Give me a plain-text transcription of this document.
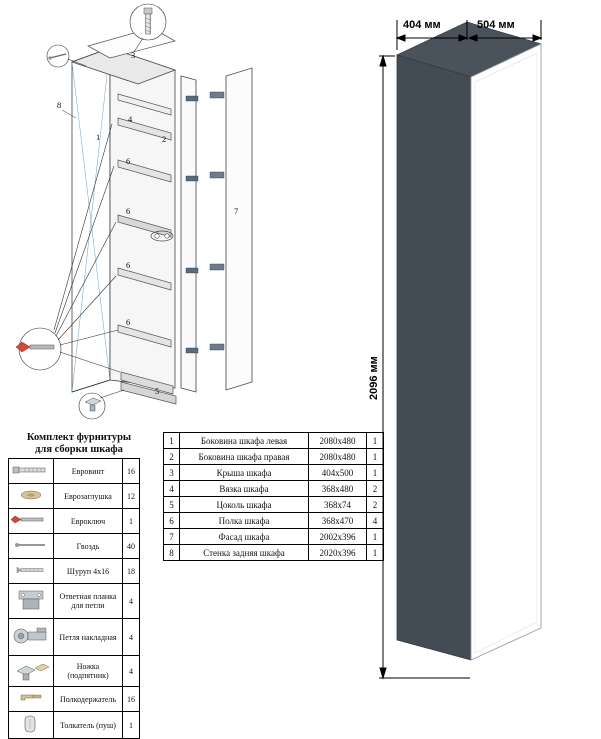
1	2
3
4
5
6
6
6
6
7
8
Комплект фурнитуры
для сборки шкафа
	Евровинт	16
	Еврозаглушка	12
	Евроключ	1
	Гвоздь	40
	Шуруп 4х16	18
	Ответная планка для петли	4
	Петля накладная	4
	Ножка (подпятник)	4
	Полкодержатель	16
	Толкатель (пуш)	1
1	Боковина шкафа левая	2080x480	1
2	Боковина шкафа правая	2080x480	1
3	Крыша шкафа	404x500	1
4	Вязка шкафа	368x480	2
5	Цоколь шкафа	368x74	2
6	Полка шкафа	368x470	4
7	Фасад шкафа	2002x396	1
8	Стенка задняя шкафа	2020x396	1
404 мм	504 мм
2096 мм
